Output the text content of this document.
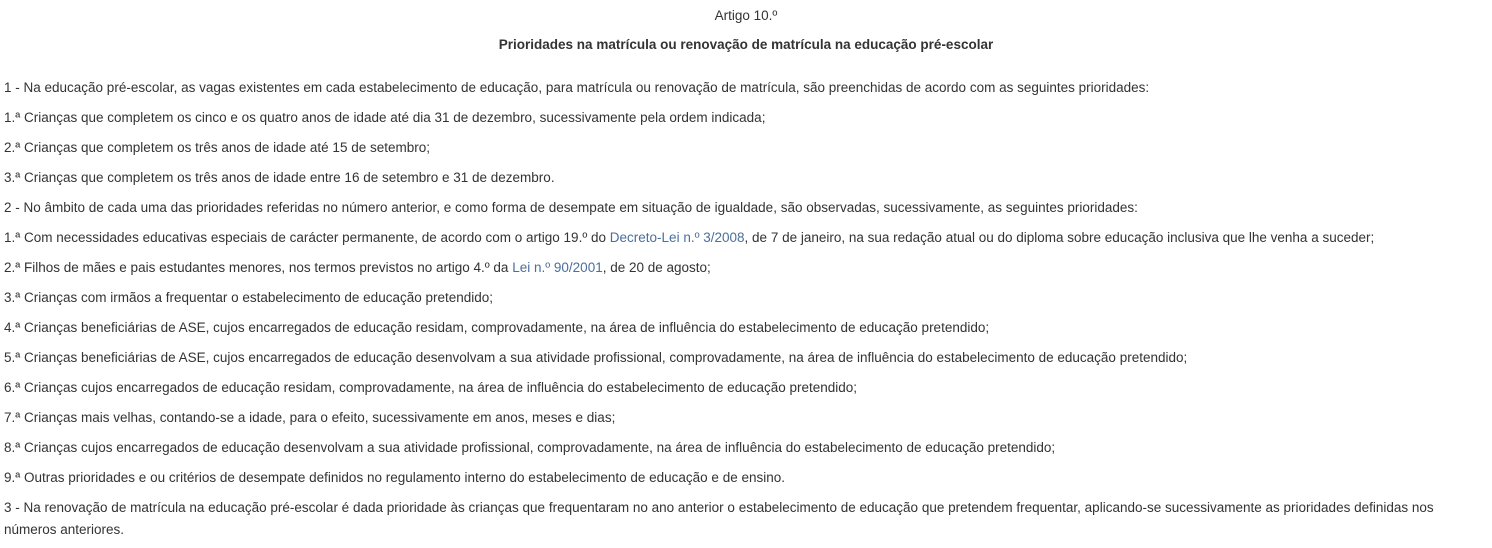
Artigo 10.º

Prioridades na matrícula ou renovação de matrícula na educação pré-escolar

1 - Na educação pré-escolar, as vagas existentes em cada estabelecimento de educação, para matrícula ou renovação de matrícula, são preenchidas de acordo com as seguintes prioridades:

1.ª Crianças que completem os cinco e os quatro anos de idade até dia 31 de dezembro, sucessivamente pela ordem indicada;

2.ª Crianças que completem os três anos de idade até 15 de setembro;

3.ª Crianças que completem os três anos de idade entre 16 de setembro e 31 de dezembro.

2 - No âmbito de cada uma das prioridades referidas no número anterior, e como forma de desempate em situação de igualdade, são observadas, sucessivamente, as seguintes prioridades:

1.ª Com necessidades educativas especiais de carácter permanente, de acordo com o artigo 19.º do Decreto-Lei n.º 3/2008, de 7 de janeiro, na sua redação atual ou do diploma sobre educação inclusiva que lhe venha a suceder;

2.ª Filhos de mães e pais estudantes menores, nos termos previstos no artigo 4.º da Lei n.º 90/2001, de 20 de agosto;

3.ª Crianças com irmãos a frequentar o estabelecimento de educação pretendido;

4.ª Crianças beneficiárias de ASE, cujos encarregados de educação residam, comprovadamente, na área de influência do estabelecimento de educação pretendido;

5.ª Crianças beneficiárias de ASE, cujos encarregados de educação desenvolvam a sua atividade profissional, comprovadamente, na área de influência do estabelecimento de educação pretendido;

6.ª Crianças cujos encarregados de educação residam, comprovadamente, na área de influência do estabelecimento de educação pretendido;

7.ª Crianças mais velhas, contando-se a idade, para o efeito, sucessivamente em anos, meses e dias;

8.ª Crianças cujos encarregados de educação desenvolvam a sua atividade profissional, comprovadamente, na área de influência do estabelecimento de educação pretendido;

9.ª Outras prioridades e ou critérios de desempate definidos no regulamento interno do estabelecimento de educação e de ensino.

3 - Na renovação de matrícula na educação pré-escolar é dada prioridade às crianças que frequentaram no ano anterior o estabelecimento de educação que pretendem frequentar, aplicando-se sucessivamente as prioridades definidas nos números anteriores.
